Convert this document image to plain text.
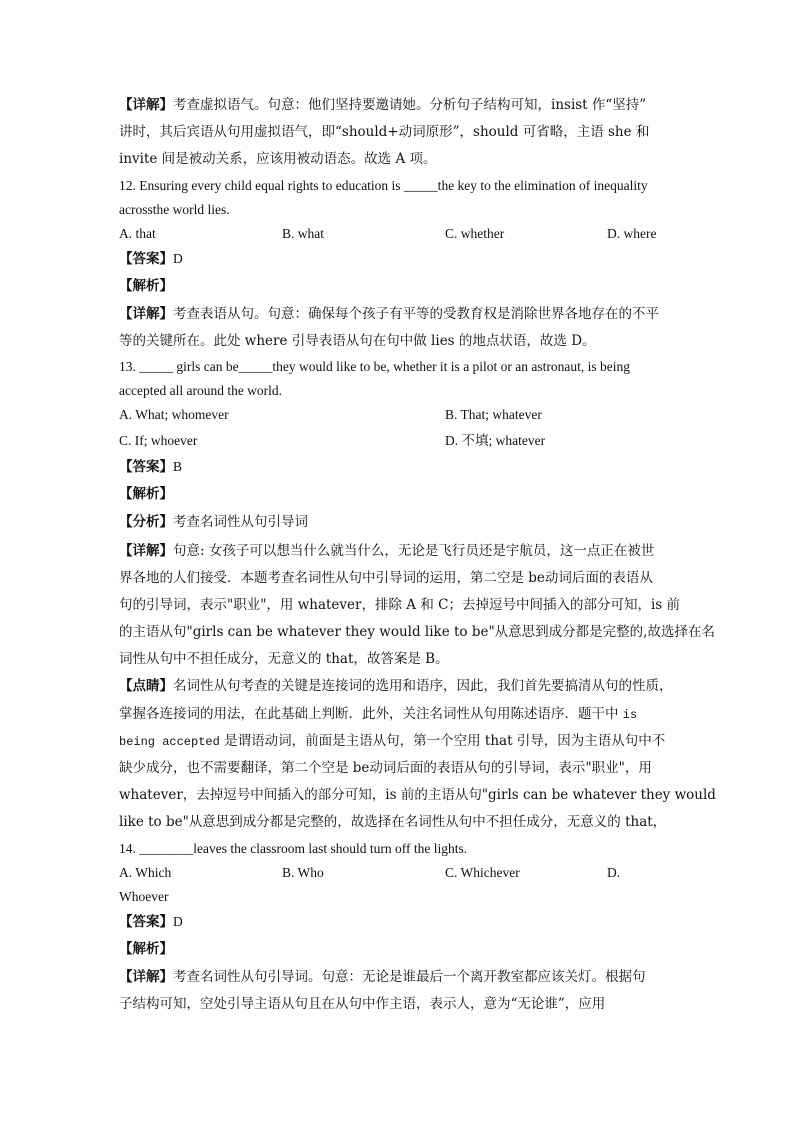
【详解】考查虚拟语气。句意：他们坚持要邀请她。分析句子结构可知，insist 作“坚持”
讲时，其后宾语从句用虚拟语气，即“should+动词原形”，should 可省略，主语 she 和
invite 间是被动关系，应该用被动语态。故选 A 项。
12. Ensuring every child equal rights to education is _____the key to the elimination of inequality
acrossthe world lies.
A. that	B. what	C. whether	D. where
【答案】D
【解析】
【详解】考查表语从句。句意：确保每个孩子有平等的受教育权是消除世界各地存在的不平
等的关键所在。此处 where 引导表语从句在句中做 lies 的地点状语，故选 D。
13. _____ girls can be_____they would like to be, whether it is a pilot or an astronaut, is being
accepted all around the world.
A. What; whomever	B. That; whatever
C. If; whoever	D. 不填; whatever
【答案】B
【解析】
【分析】考查名词性从句引导词
【详解】句意: 女孩子可以想当什么就当什么，无论是飞行员还是宇航员，这一点正在被世
界各地的人们接受．本题考查名词性从句中引导词的运用，第二空是 be动词后面的表语从
句的引导词，表示"职业"，用 whatever，排除 A 和 C；去掉逗号中间插入的部分可知，is 前
的主语从句"girls can be whatever they would like to be"从意思到成分都是完整的,故选择在名
词性从句中不担任成分，无意义的 that，故答案是 B。
【点睛】名词性从句考查的关键是连接词的选用和语序，因此，我们首先要搞清从句的性质，
掌握各连接词的用法，在此基础上判断．此外，关注名词性从句用陈述语序．题干中 is
being accepted 是谓语动词，前面是主语从句，第一个空用 that 引导，因为主语从句中不
缺少成分，也不需要翻译，第二个空是 be动词后面的表语从句的引导词，表示"职业"，用
whatever，去掉逗号中间插入的部分可知，is 前的主语从句"girls can be whatever they would
like to be"从意思到成分都是完整的，故选择在名词性从句中不担任成分，无意义的 that，
14. ________leaves the classroom last should turn off the lights.
A. Which	B. Who	C. Whichever	D.
Whoever
【答案】D
【解析】
【详解】考查名词性从句引导词。句意：无论是谁最后一个离开教室都应该关灯。根据句
子结构可知，空处引导主语从句且在从句中作主语，表示人，意为“无论谁”，应用
